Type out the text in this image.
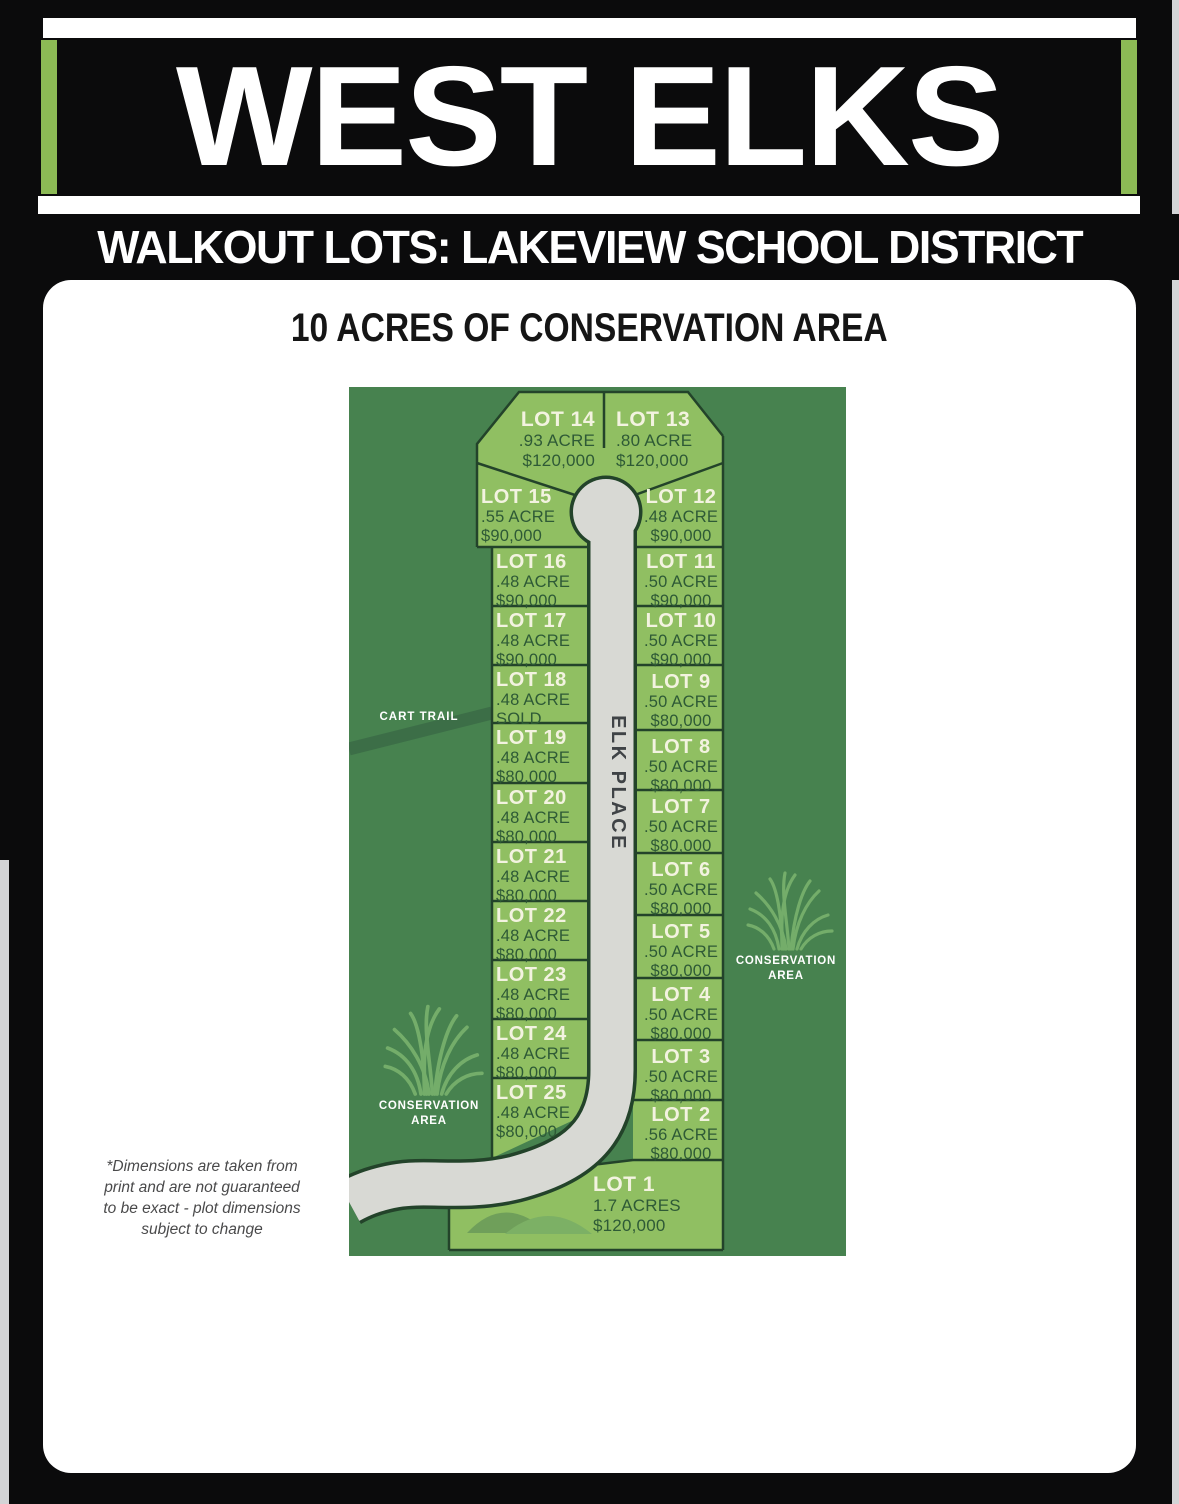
WEST ELKS
WALKOUT LOTS: LAKEVIEW SCHOOL DISTRICT
10 ACRES OF CONSERVATION AREA
ELK PLACE
CART TRAIL
CONSERVATION
AREA
CONSERVATION
AREA
LOT 14
.93 ACRE
$120,000
LOT 13
.80 ACRE
$120,000
LOT 15
.55 ACRE
$90,000
LOT 12
.48 ACRE
$90,000
LOT 16
.48 ACRE
$90,000
LOT 11
.50 ACRE
$90,000
LOT 17
.48 ACRE
$90,000
LOT 10
.50 ACRE
$90,000
LOT 18
.48 ACRE
SOLD
LOT 9
.50 ACRE
$80,000
LOT 19
.48 ACRE
$80,000
LOT 8
.50 ACRE
$80,000
LOT 20
.48 ACRE
$80,000
LOT 7
.50 ACRE
$80,000
LOT 21
.48 ACRE
$80,000
LOT 6
.50 ACRE
$80,000
LOT 22
.48 ACRE
$80,000
LOT 5
.50 ACRE
$80,000
LOT 23
.48 ACRE
$80,000
LOT 4
.50 ACRE
$80,000
LOT 24
.48 ACRE
$80,000
LOT 3
.50 ACRE
$80,000
LOT 25
.48 ACRE
$80,000
LOT 2
.56 ACRE
$80,000
LOT 1
1.7 ACRES
$120,000
*Dimensions are taken from
print and are not guaranteed
to be exact - plot dimensions
subject to change
